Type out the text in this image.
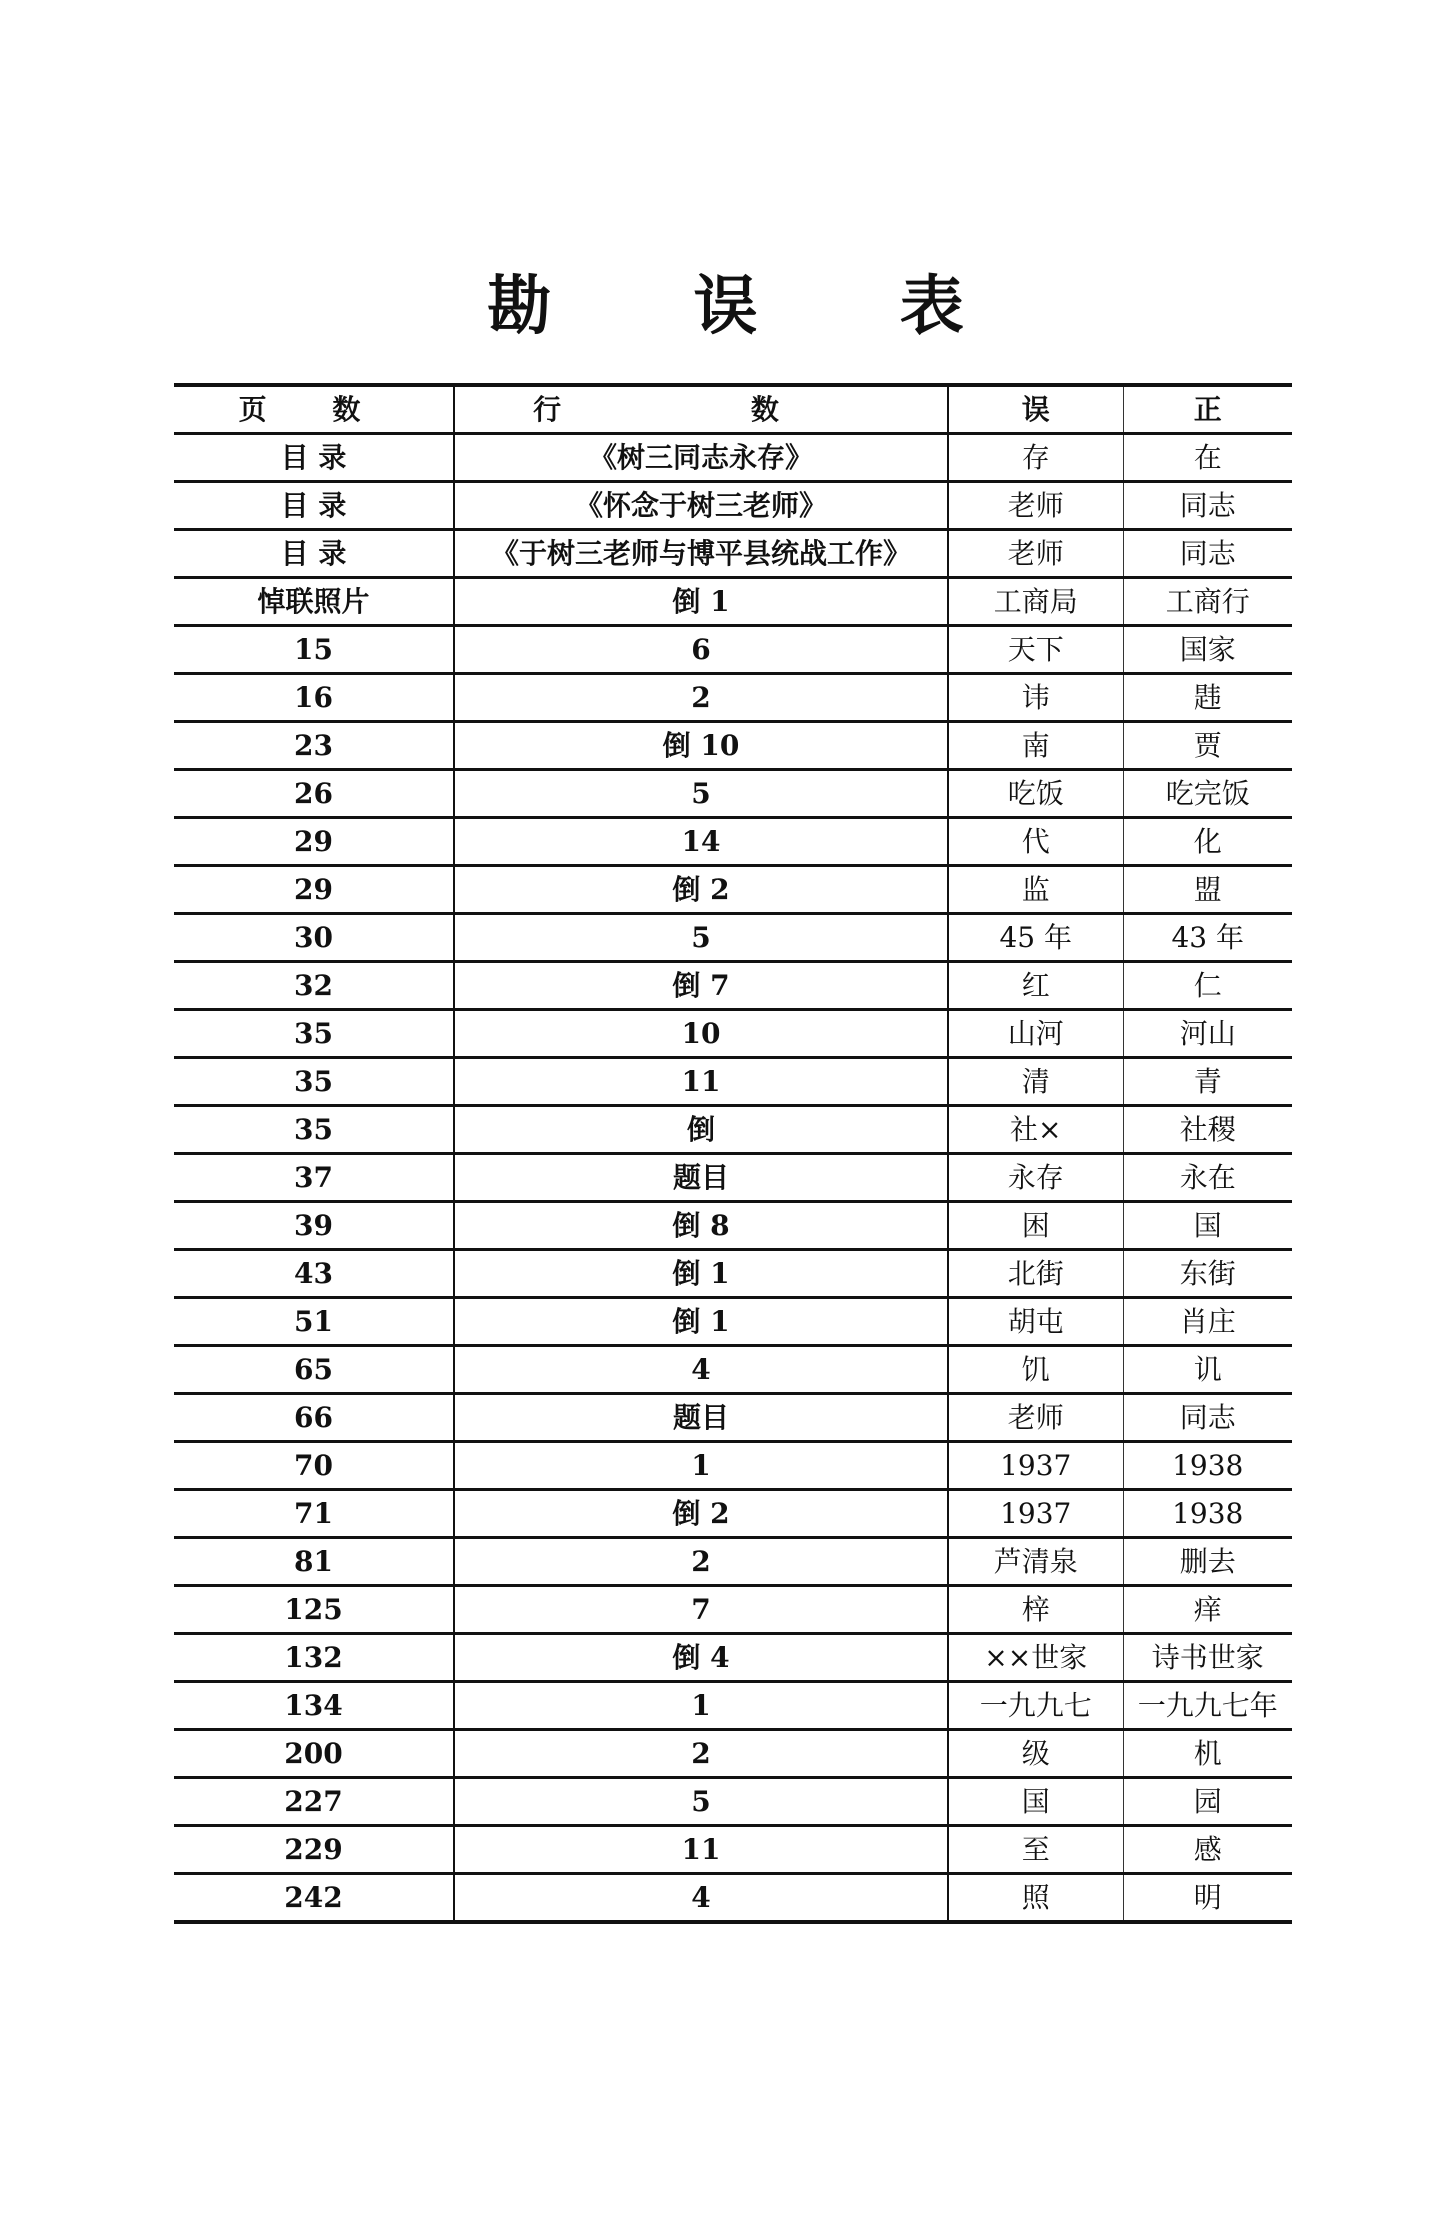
勘 误 表
页 数	行 数	误	正
目 录	《树三同志永存》	存	在
目 录	《怀念于树三老师》	老师	同志
目 录	《于树三老师与博平县统战工作》	老师	同志
悼联照片	倒 1	工商局	工商行
15	6	天下	国家
16	2	讳	韪
23	倒 10	南	贾
26	5	吃饭	吃完饭
29	14	代	化
29	倒 2	监	盟
30	5	45 年	43 年
32	倒 7	红	仁
35	10	山河	河山
35	11	清	青
35	倒	社×	社稷
37	题目	永存	永在
39	倒 8	困	国
43	倒 1	北街	东街
51	倒 1	胡屯	肖庄
65	4	饥	讥
66	题目	老师	同志
70	1	1937	1938
71	倒 2	1937	1938
81	2	芦清泉	删去
125	7	梓	痒
132	倒 4	××世家	诗书世家
134	1	一九九七	一九九七年
200	2	级	机
227	5	国	园
229	11	至	感
242	4	照	明
